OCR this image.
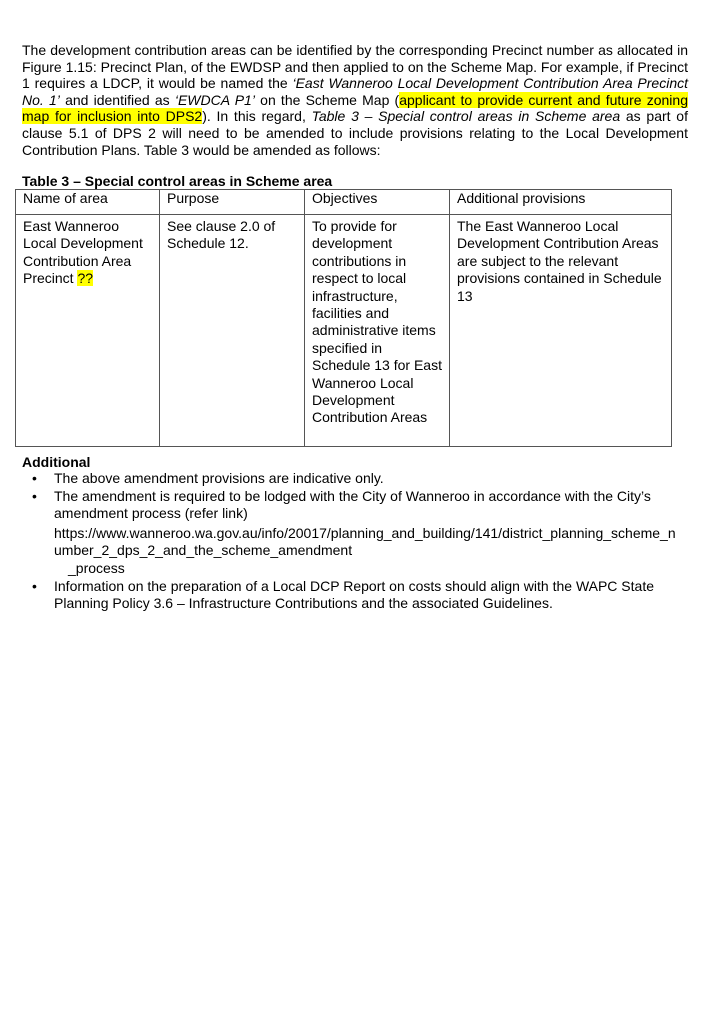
The development contribution areas can be identified by the corresponding Precinct number as allocated in Figure 1.15: Precinct Plan, of the EWDSP and then applied to on the Scheme Map. For example, if Precinct 1 requires a LDCP, it would be named the ‘East Wanneroo Local Development Contribution Area Precinct No. 1’ and identified as ‘EWDCA P1’ on the Scheme Map (applicant to provide current and future zoning map for inclusion into DPS2). In this regard, Table 3 – Special control areas in Scheme area as part of clause 5.1 of DPS 2 will need to be amended to include provisions relating to the Local Development Contribution Plans. Table 3 would be amended as follows:

Table 3 – Special control areas in Scheme area

Name of area	Purpose	Objectives	Additional provisions
East Wanneroo Local Development Contribution Area Precinct ??	See clause 2.0 of Schedule 12.	To provide for development contributions in respect to local infrastructure, facilities and administrative items specified in Schedule 13 for East Wanneroo Local Development Contribution Areas	The East Wanneroo Local Development Contribution Areas are subject to the relevant provisions contained in Schedule 13

Additional

• The above amendment provisions are indicative only.
• The amendment is required to be lodged with the City of Wanneroo in accordance with the City’s amendment process (refer link)
https://www.wanneroo.wa.gov.au/info/20017/planning_and_building/141/district_planning_scheme_number_2_dps_2_and_the_scheme_amendment
_process
• Information on the preparation of a Local DCP Report on costs should align with the WAPC State Planning Policy 3.6 – Infrastructure Contributions and the associated Guidelines.
